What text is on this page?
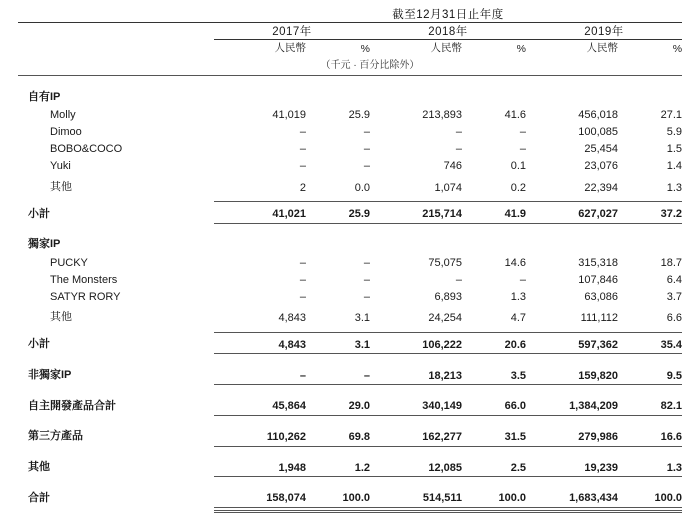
	截至12月31日止年度					
	2017年		2018年		2019年	
	人民幣	%	人民幣	%	人民幣	%
	（千元 · 百分比除外）					

自有IP						
Molly	41,019	25.9	213,893	41.6	456,018	27.1
Dimoo	–	–	–	–	100,085	5.9
BOBO&COCO	–	–	–	–	25,454	1.5
Yuki	–	–	746	0.1	23,076	1.4
其他	2	0.0	1,074	0.2	22,394	1.3

小計	41,021	25.9	215,714	41.9	627,027	37.2

獨家IP						
PUCKY	–	–	75,075	14.6	315,318	18.7
The Monsters	–	–	–	–	107,846	6.4
SATYR RORY	–	–	6,893	1.3	63,086	3.7
其他	4,843	3.1	24,254	4.7	111,112	6.6

小計	4,843	3.1	106,222	20.6	597,362	35.4

非獨家IP	–	–	18,213	3.5	159,820	9.5

自主開發產品合計	45,864	29.0	340,149	66.0	1,384,209	82.1

第三方產品	110,262	69.8	162,277	31.5	279,986	16.6

其他	1,948	1.2	12,085	2.5	19,239	1.3

合計	158,074	100.0	514,511	100.0	1,683,434	100.0
